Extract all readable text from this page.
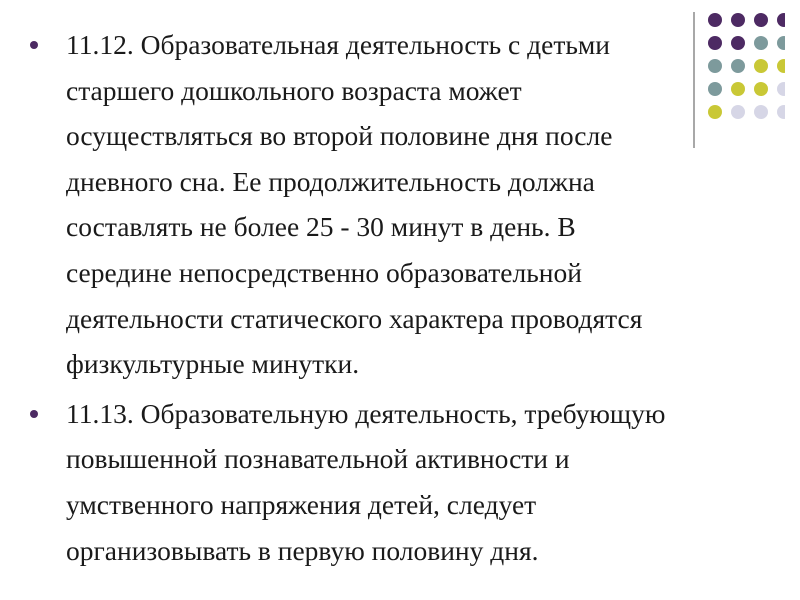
11.12. Образовательная деятельность с детьми
старшего дошкольного возраста может
осуществляться во второй половине дня после
дневного сна. Ее продолжительность должна
составлять не более 25 - 30 минут в день. В
середине непосредственно образовательной
деятельности статического характера проводятся
физкультурные минутки.
11.13. Образовательную деятельность, требующую
повышенной познавательной активности и
умственного напряжения детей, следует
организовывать в первую половину дня.
